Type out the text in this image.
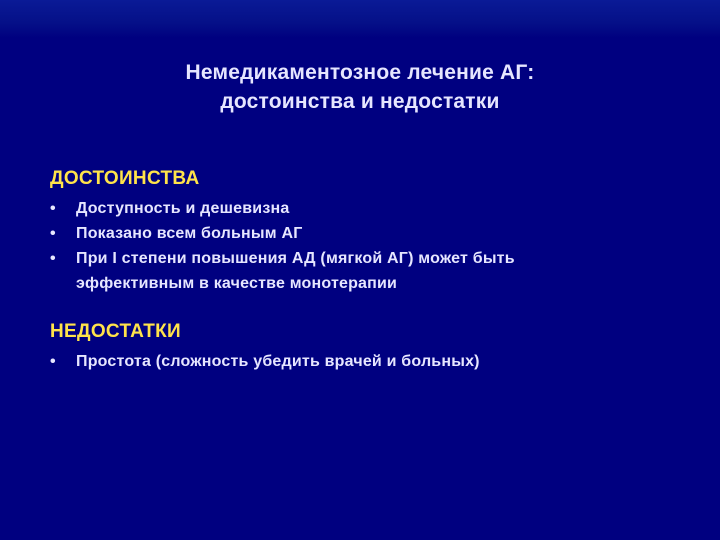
Немедикаментозное лечение АГ:
достоинства и недостатки
ДОСТОИНСТВА
•	Доступность и дешевизна
•	Показано всем больным АГ
•	При I степени повышения АД (мягкой АГ) может быть эффективным в качестве монотерапии
НЕДОСТАТКИ
•	Простота (сложность убедить врачей и больных)
